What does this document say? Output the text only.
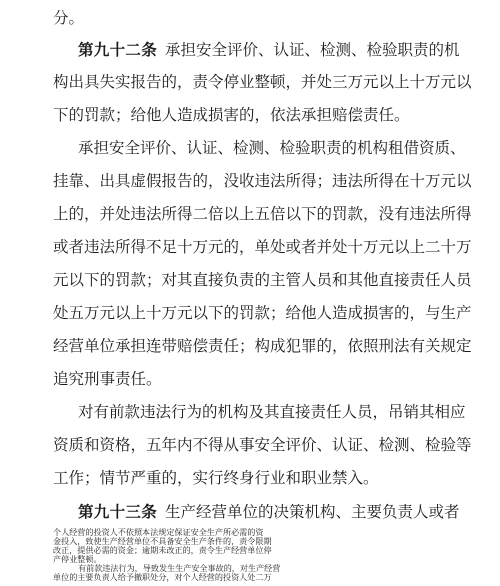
分。
第九十二条 承担安全评价、认证、检测、检验职责的机
构出具失实报告的，责令停业整顿，并处三万元以上十万元以
下的罚款；给他人造成损害的，依法承担赔偿责任。
承担安全评价、认证、检测、检验职责的机构租借资质、
挂靠、出具虚假报告的，没收违法所得；违法所得在十万元以
上的，并处违法所得二倍以上五倍以下的罚款，没有违法所得
或者违法所得不足十万元的，单处或者并处十万元以上二十万
元以下的罚款；对其直接负责的主管人员和其他直接责任人员
处五万元以上十万元以下的罚款；给他人造成损害的，与生产
经营单位承担连带赔偿责任；构成犯罪的，依照刑法有关规定
追究刑事责任。
对有前款违法行为的机构及其直接责任人员，吊销其相应
资质和资格，五年内不得从事安全评价、认证、检测、检验等
工作；情节严重的，实行终身行业和职业禁入。
第九十三条 生产经营单位的决策机构、主要负责人或者
个人经营的投资人不依照本法规定保证安全生产所必需的资
金投入，致使生产经营单位不具备安全生产条件的，责令限期
改正，提供必需的资金；逾期未改正的，责令生产经营单位停
产停业整顿。
有前款违法行为，导致发生生产安全事故的，对生产经营
单位的主要负责人给予撤职处分，对个人经营的投资人处二万
